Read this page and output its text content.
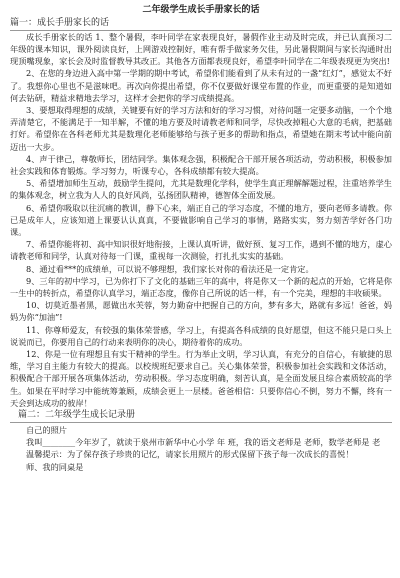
二年级学生成长手册家长的话
篇一：成长手册家长的话

成长手册家长的话 1、整个暑假，李叶同学在家表现良好，暑假作业主动及时完成，并已认真预习二年级的课本知识，课外阅读良好，上网游戏控制好，唯有帮手做家务欠佳，另此暑假期间与家长沟通时出现顶嘴现象，家长会及时监督教导其改正。其他各方面都表现良好，希望李叶同学在二年级表现更为突出!

2、在您的身边进入高中第一学期的期中考试，希望你们能看到了从未有过的一盏“红灯”，感觉太不好了。我想你心里也不是滋味吧。再次向你提出希望，你不仅要做好课堂布置的作业，而更重要的是知道如何去钻研，精益求精地去学习，这样才会把你的学习成绩提高。

3、要想取得理想的成绩，关键要有好的学习方法和好的学习习惯，对待问题一定要多动脑，一个个地弄清楚它，不能满足于一知半解，不懂的地方要及时请教老师和同学，尽快改掉粗心大意的毛病，把基础打好。希望你在各科老师尤其是数理化老师能够给与孩子更多的帮助和指点，希望她在期末考试中能向前迈出一大步。

4、声于律己，尊敬师长，团结同学。集体观念强，积极配合干部开展各项活动，劳动积极，积极参加社会实践和体育锻炼。学习努力，听课专心，各科成绩都有较大提高。

5、希望增加师生互动，鼓励学生提问，尤其是数理化学科，使学生真正理解解题过程，注重培养学生的集体观念，树立我为人人的良好风尚，弘扬团队精神，德智体全面发展。

6、希望你吸取以往沉痛的教训，静下心来，端正自己的学习态度，不懂的地方，要向老师多请教。你已是成年人，应该知道上课要认认真真，不要做影响自己学习的事情，路路实实，努力刻苦学好各门功课。

7、希望你能将初、高中知识很好地衔接，上课认真听讲，做好预、复习工作，遇到不懂的地方，虚心请教老师和同学，认真对待每一门课，重视每一次测验，打扎扎实实的基础。

8、通过看***的成绩单，可以说不够理想，我们家长对你的看法还是一定肯定。

9、三年的初中学习，已为你打下了文化的基础三年的高中，将是你又一个新的起点的开始，它将是你一生中的转折点，希望你认真学习，端正态度，像你自己所说的话一样，有一个完美，理想的丰收硕果。

10、切莫近墨者黑，愿做出水芙蓉，努力勤奋中把握自己的方向，梦有多大，路就有多远！爸爸，妈妈为你“加油”!

11、你尊师爱友，有较强的集体荣誉感，学习上，有提高各科成绩的良好愿望，但这不能只是口头上说说而已，你要用自己的行动来表明你的决心，期待着你的成功。

12、你是一位有理想且有实干精神的学生。行为举止文明，学习认真，有充分的自信心，有敏捷的思维，学习自主能力有较大的提高。以校规班纪要求自己。关心集体荣誉，积极参加社会实践和文体活动，积极配合干部开展各项集体活动，劳动积极。学习态度明确，刻苦认真，是全面发展且综合素质较高的学生。如果在平时学习中能统筹兼顾，成绩会更上一层楼。爸爸相信：只要你信心不倒，努力不懈，终有一天会到达成功的彼岸！

篇二：二年级学生成长记录册

自己的照片

我叫________今年岁了，就读于泉州市新华中心小学 年 班，我的语文老师是 老师，数学老师是 老

温馨提示：为了保存孩子珍贵的记忆，请家长用照片的形式保留下孩子每一次成长的喜悦！

师、我的同桌是
